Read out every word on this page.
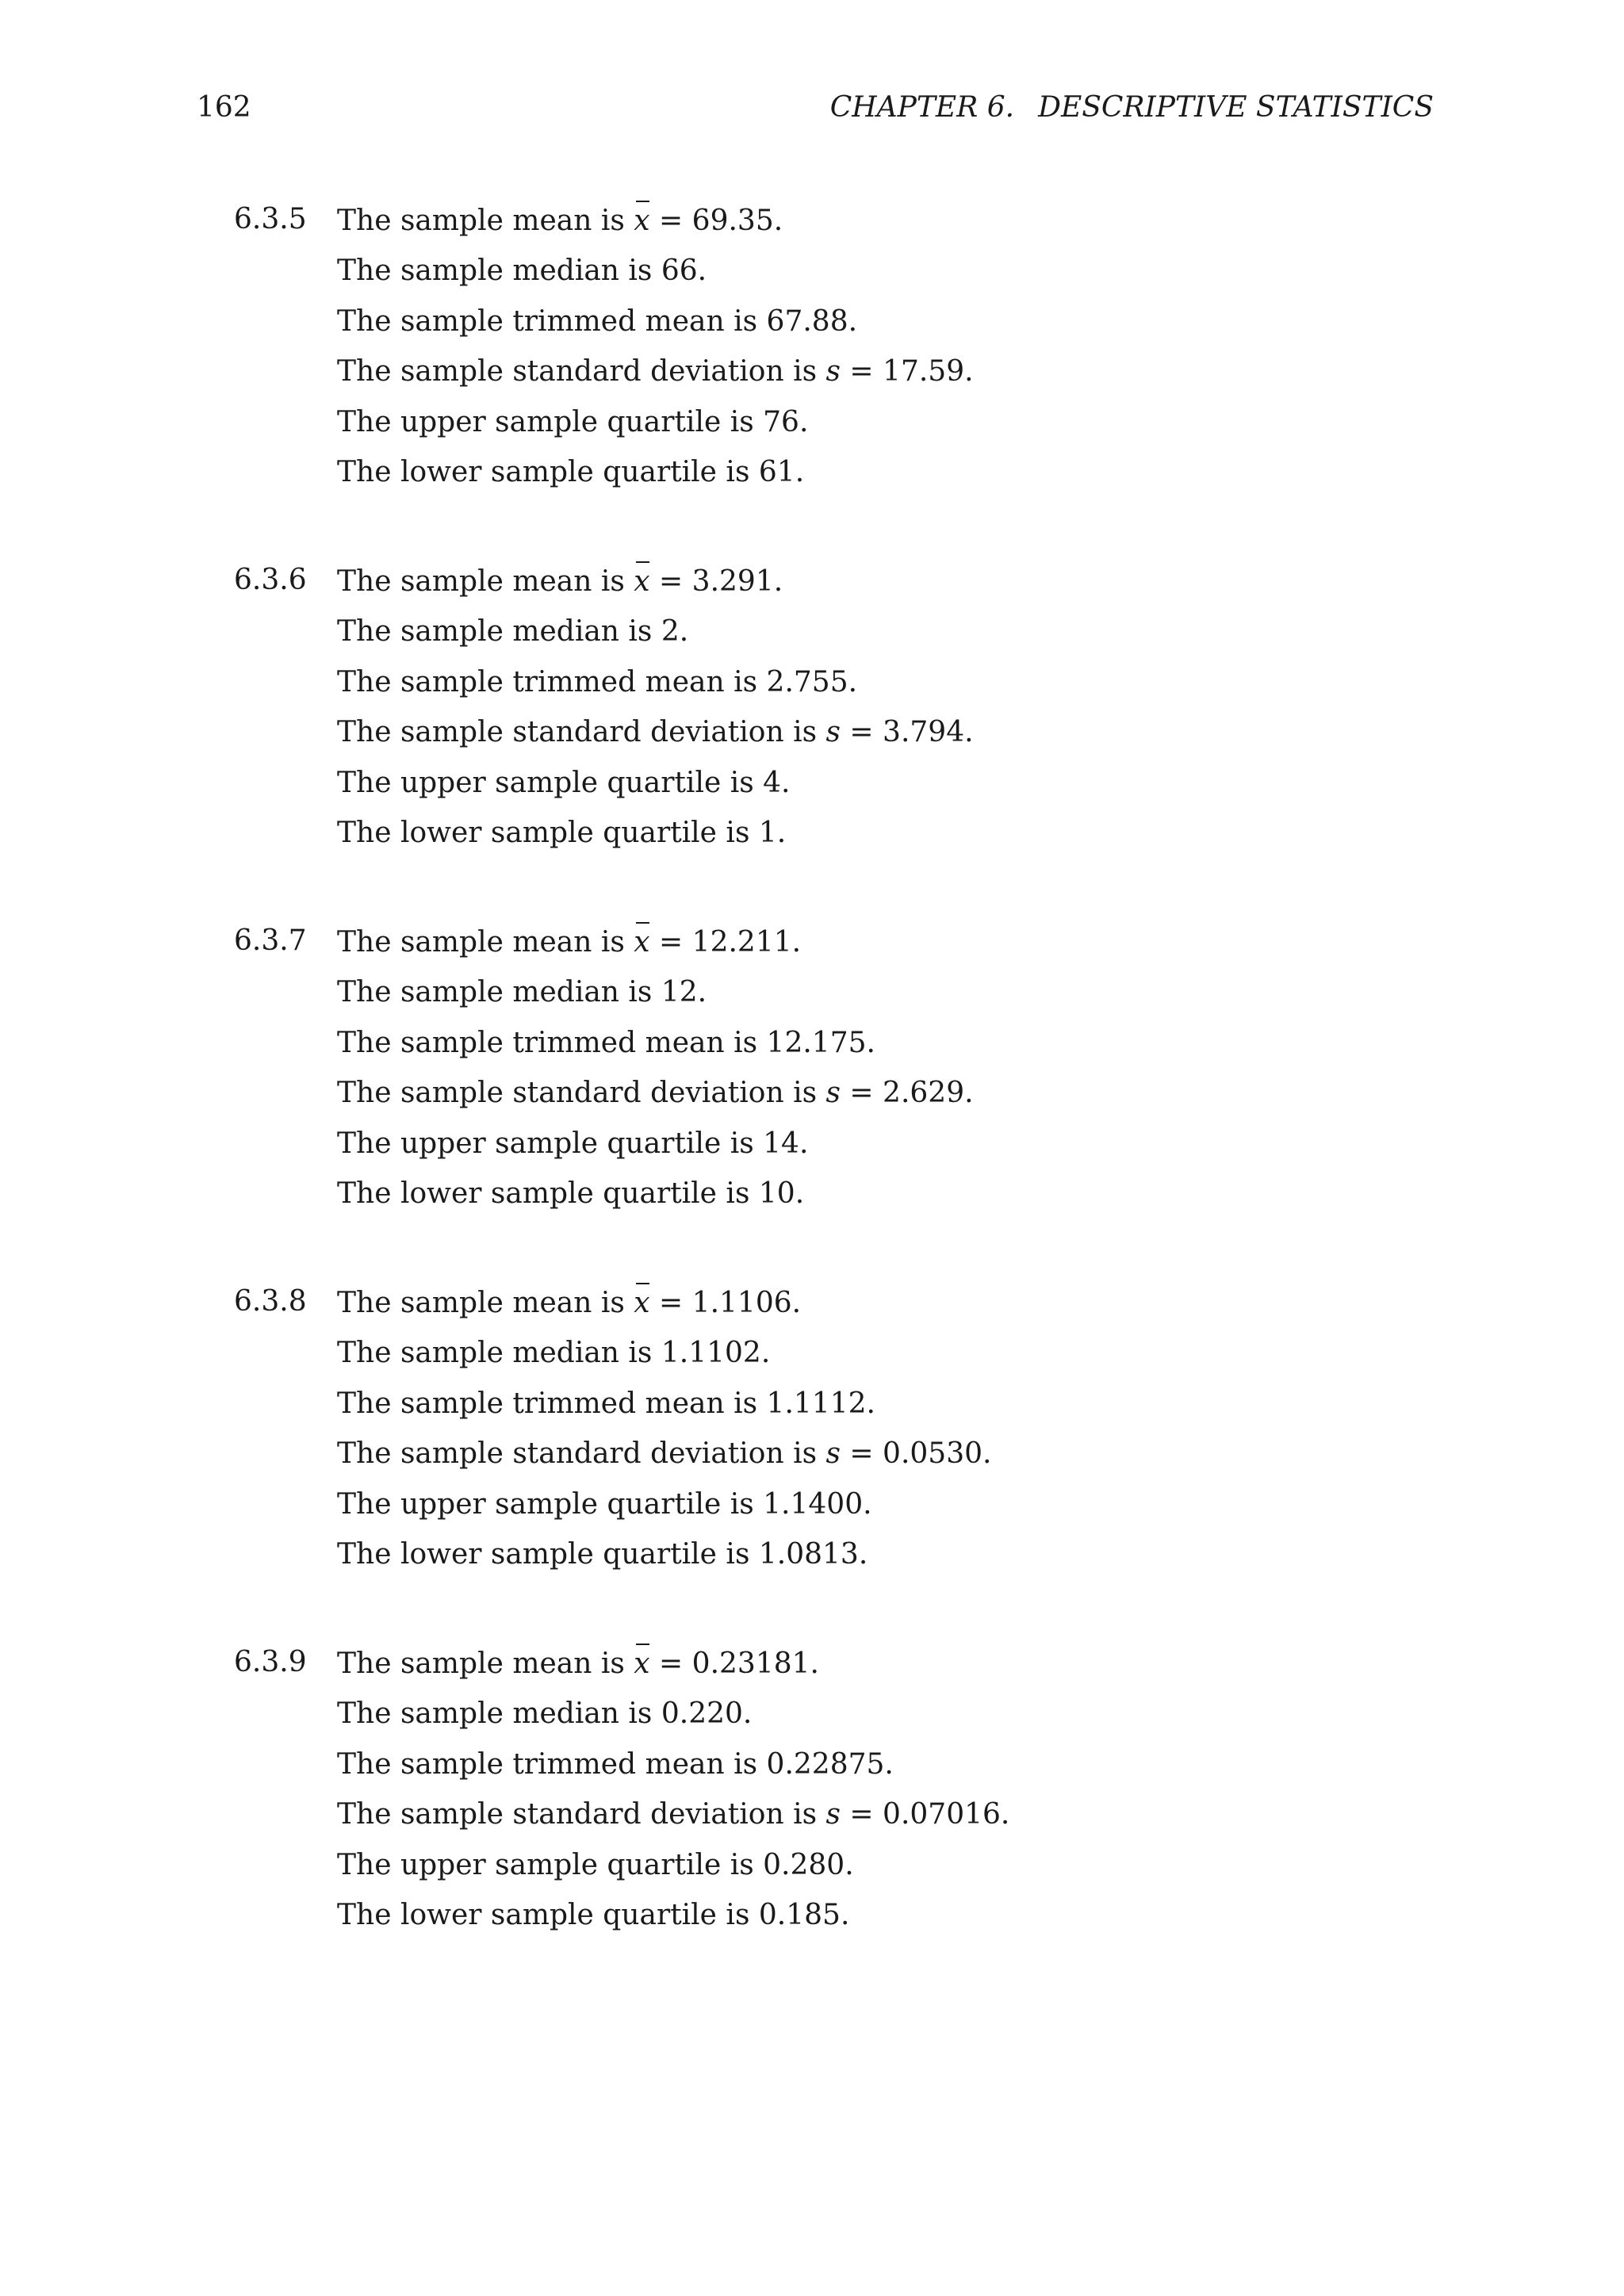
162	CHAPTER 6. DESCRIPTIVE STATISTICS
6.3.5 The sample mean is x = 69.35.
The sample median is 66.
The sample trimmed mean is 67.88.
The sample standard deviation is s = 17.59.
The upper sample quartile is 76.
The lower sample quartile is 61.
6.3.6 The sample mean is x = 3.291.
The sample median is 2.
The sample trimmed mean is 2.755.
The sample standard deviation is s = 3.794.
The upper sample quartile is 4.
The lower sample quartile is 1.
6.3.7 The sample mean is x = 12.211.
The sample median is 12.
The sample trimmed mean is 12.175.
The sample standard deviation is s = 2.629.
The upper sample quartile is 14.
The lower sample quartile is 10.
6.3.8 The sample mean is x = 1.1106.
The sample median is 1.1102.
The sample trimmed mean is 1.1112.
The sample standard deviation is s = 0.0530.
The upper sample quartile is 1.1400.
The lower sample quartile is 1.0813.
6.3.9 The sample mean is x = 0.23181.
The sample median is 0.220.
The sample trimmed mean is 0.22875.
The sample standard deviation is s = 0.07016.
The upper sample quartile is 0.280.
The lower sample quartile is 0.185.
